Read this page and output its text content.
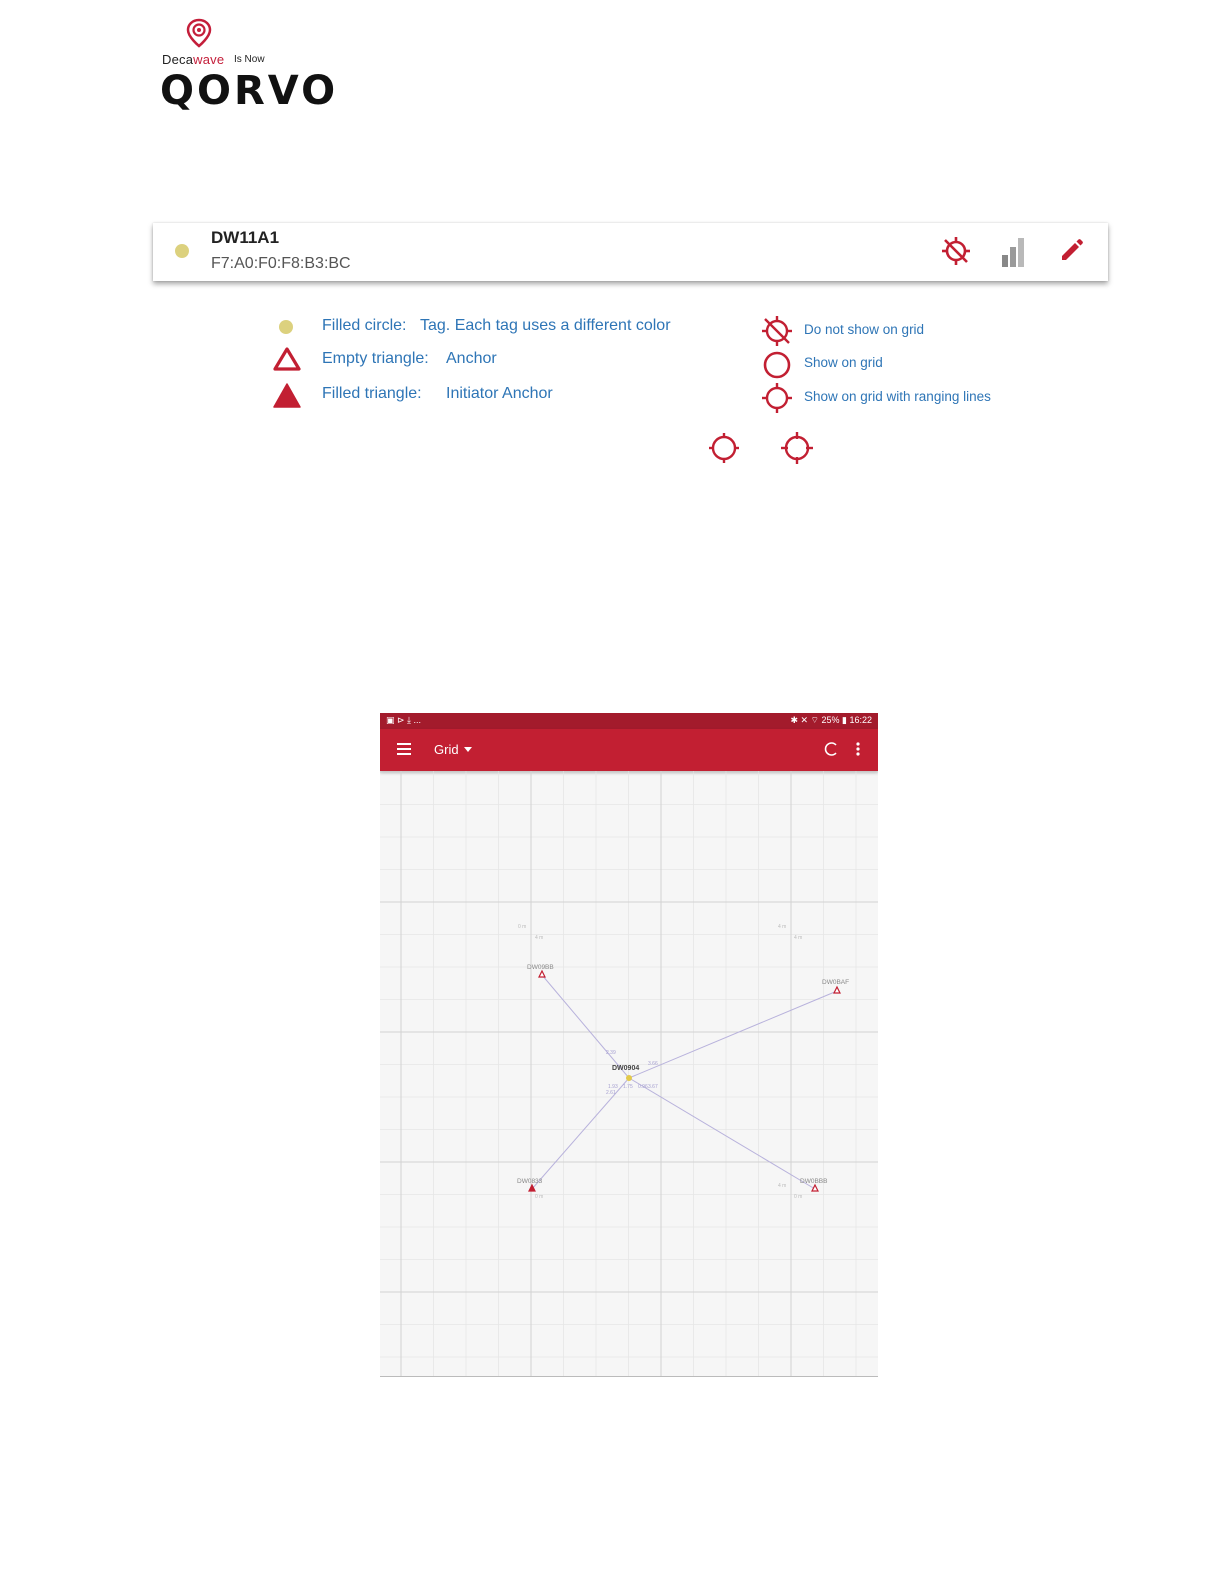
Decawave Is Now
QORVO
DW11A1
F7:A0:F0:F8:B3:BC
Filled circle: Tag. Each tag uses a different color
Empty triangle: Anchor
Filled triangle: Initiator Anchor
Do not show on grid
Show on grid
Show on grid with ranging lines
▣ ⊳ ⤓ ...	✱ ✕ ⌔ 25% ▮ 16:22
Grid
0 m
4 m
4 m
4 m
0 m
4 m
0 m
DW09BB
DW0BAF
DW0833	DW0BBB
DW0904
2.39
3.66
2.61
1.93 1.75 0.96 3.67
